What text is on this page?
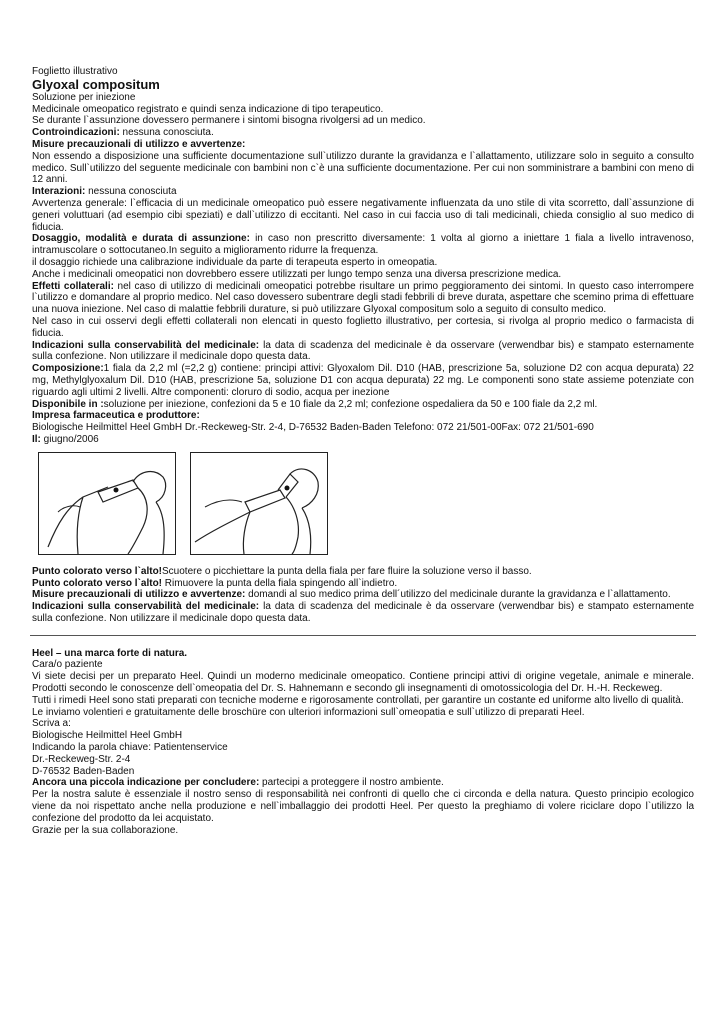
Foglietto illustrativo

Glyoxal compositum

Soluzione per iniezione

Medicinale omeopatico registrato e quindi senza indicazione di tipo terapeutico.

Se durante l`assunzione dovessero permanere i sintomi bisogna rivolgersi ad un medico.

Controindicazioni: nessuna conosciuta.

Misure precauzionali di utilizzo e avvertenze:

Non essendo a disposizione una sufficiente documentazione sull`utilizzo durante la gravidanza e l`allattamento, utilizzare solo in seguito a consulto medico. Sull`utilizzo del seguente medicinale con bambini non c`è una sufficiente documentazione. Per cui non somministrare a bambini con meno di 12 anni.

Interazioni: nessuna conosciuta

Avvertenza generale: l`efficacia di un medicinale omeopatico può essere negativamente influenzata da uno stile di vita scorretto, dall`assunzione di generi voluttuari (ad esempio cibi speziati) e dall`utilizzo di eccitanti. Nel caso in cui faccia uso di tali medicinali, chieda consiglio al suo medico di fiducia.

Dosaggio, modalità e durata di assunzione: in caso non prescritto diversamente: 1 volta al giorno a iniettare 1 fiala a livello intravenoso, intramuscolare o sottocutaneo.In seguito a miglioramento ridurre la frequenza.

il dosaggio richiede una calibrazione individuale da parte di terapeuta esperto in omeopatia.

Anche i medicinali omeopatici non dovrebbero essere utilizzati per lungo tempo senza una diversa prescrizione medica.

Effetti collaterali: nel caso di utilizzo di medicinali omeopatici potrebbe risultare un primo peggioramento dei sintomi. In questo caso interrompere l`utilizzo e domandare al proprio medico. Nel caso dovessero subentrare degli stadi febbrili di breve durata, aspettare che scemino prima di effettuare una nuova iniezione. Nel caso di malattie febbrili durature, si può utilizzare Glyoxal compositum solo a seguito di consulto medico.

Nel caso in cui osservi degli effetti collaterali non elencati in questo foglietto illustrativo, per cortesia, si rivolga al proprio medico o farmacista di fiducia.

Indicazioni sulla conservabilità del medicinale: la data di scadenza del medicinale è da osservare (verwendbar bis) e stampato esternamente sulla confezione. Non utilizzare il medicinale dopo questa data.

Composizione:1 fiala da 2,2 ml (=2,2 g) contiene: principi attivi: Glyoxalom Dil. D10 (HAB, prescrizione 5a, soluzione D2 con acqua depurata) 22 mg, Methylglyoxalum Dil. D10 (HAB, prescrizione 5a, soluzione D1 con acqua depurata) 22 mg. Le componenti sono state assieme potenziate con riguardo agli ultimi 2 livelli. Altre componenti: cloruro di sodio, acqua per inezione

Disponibile in :soluzione per iniezione, confezioni da 5 e 10 fiale da 2,2 ml; confezione ospedaliera da 50 e 100 fiale da 2,2 ml.

Impresa farmaceutica e produttore:

Biologische Heilmittel Heel GmbH Dr.-Reckeweg-Str. 2-4, D-76532 Baden-Baden Telefono: 072 21/501-00Fax: 072 21/501-690

Il: giugno/2006

Punto colorato verso l`alto!Scuotere o picchiettare la punta della fiala per fare fluire la soluzione verso il basso.

Punto colorato verso l`alto! Rimuovere la punta della fiala spingendo all`indietro.

Misure precauzionali di utilizzo e avvertenze: domandi al suo medico prima dell´utilizzo del medicinale durante la gravidanza e l`allattamento.

Indicazioni sulla conservabilità del medicinale: la data di scadenza del medicinale è da osservare (verwendbar bis) e stampato esternamente sulla confezione. Non utilizzare il medicinale dopo questa data.

Heel – una marca forte di natura.

Cara/o paziente

Vi siete decisi per un preparato Heel. Quindi un moderno medicinale omeopatico. Contiene principi attivi di origine vegetale, animale e minerale. Prodotti secondo le conoscenze dell`omeopatia del Dr. S. Hahnemann e secondo gli insegnamenti di omotossicologia del Dr. H.-H. Reckeweg.

Tutti i rimedi Heel sono stati preparati con tecniche moderne e rigorosamente controllati, per garantire un costante ed uniforme alto livello di qualità.

Le inviamo volentieri e gratuitamente delle broschüre con ulteriori informazioni sull`omeopatia e sull`utilizzo di preparati Heel.

Scriva a:

Biologische Heilmittel Heel GmbH

Indicando la parola chiave: Patientenservice

Dr.-Reckeweg-Str. 2-4

D-76532 Baden-Baden

Ancora una piccola indicazione per concludere: partecipi a proteggere il nostro ambiente.

Per la nostra salute è essenziale il nostro senso di responsabilità nei confronti di quello che ci circonda e della natura. Questo principio ecologico viene da noi rispettato anche nella produzione e nell`imballaggio dei prodotti Heel. Per questo la preghiamo di volere riciclare dopo l`utilizzo la confezione del prodotto da lei acquistato.

Grazie per la sua collaborazione.
